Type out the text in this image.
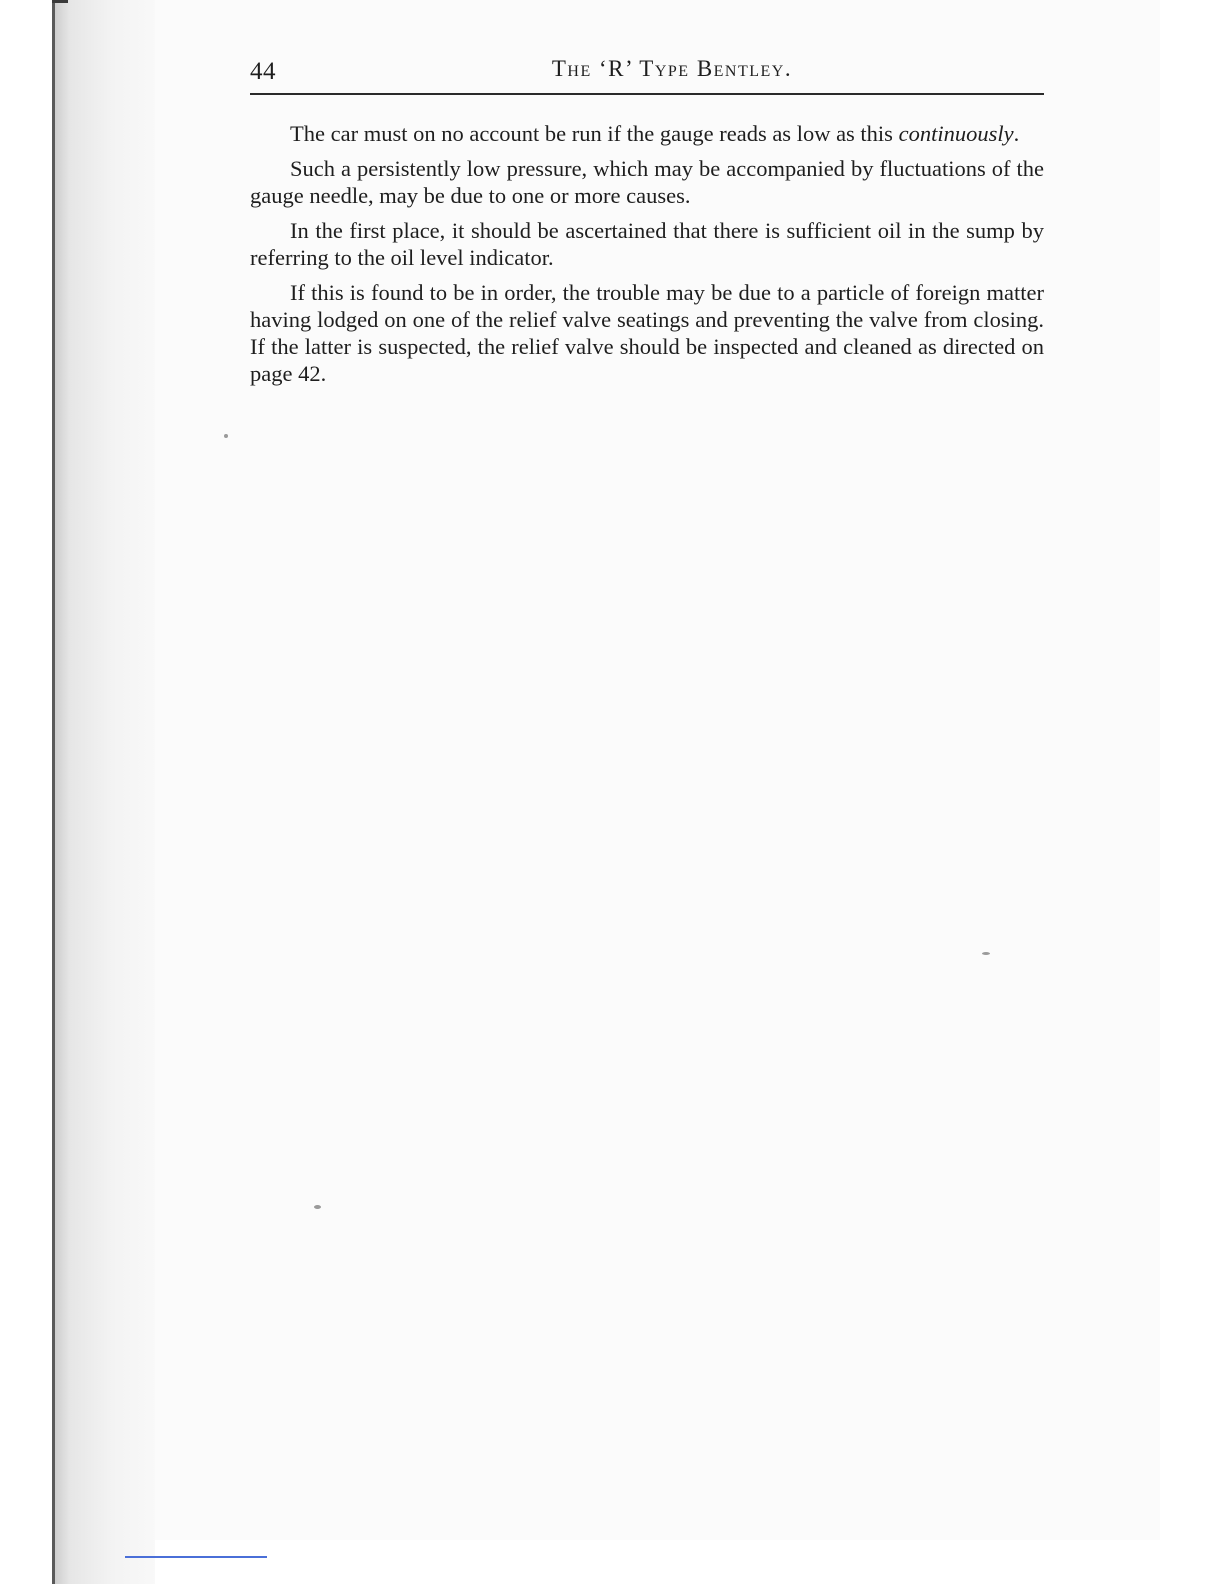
44	The ‘R’ Type Bentley.

The car must on no account be run if the gauge reads as low as this continuously.

Such a persistently low pressure, which may be accompanied by fluctuations of the gauge needle, may be due to one or more causes.

In the first place, it should be ascertained that there is sufficient oil in the sump by referring to the oil level indicator.

If this is found to be in order, the trouble may be due to a particle of foreign matter having lodged on one of the relief valve seatings and preventing the valve from closing. If the latter is suspected, the relief valve should be inspected and cleaned as directed on page 42.
